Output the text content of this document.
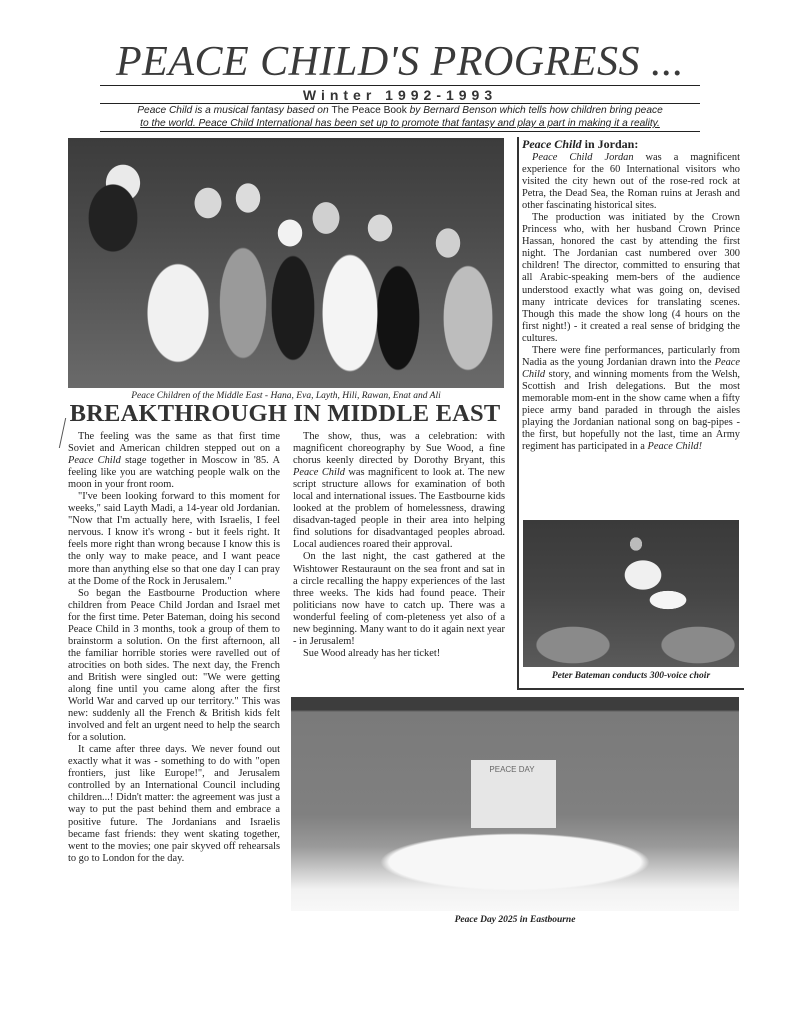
PEACE CHILD'S PROGRESS ...
Winter 1992-1993
Peace Child is a musical fantasy based on The Peace Book by Bernard Benson which tells how children bring peace
to the world. Peace Child International has been set up to promote that fantasy and play a part in making it a reality.
Peace Children of the Middle East - Hana, Eva, Layth, Hili, Rawan, Enat and Ali
BREAKTHROUGH IN MIDDLE EAST

The feeling was the same as that first time Soviet and American children stepped out on a Peace Child stage together in Moscow in '85. A feeling like you are watching people walk on the moon in your front room.

"I've been looking forward to this moment for weeks," said Layth Madi, a 14-year old Jordanian. "Now that I'm actually here, with Israelis, I feel nervous. I know it's wrong - but it feels right. It feels more right than wrong because I know this is the only way to make peace, and I want peace more than anything else so that one day I can pray at the Dome of the Rock in Jerusalem."

So began the Eastbourne Production where children from Peace Child Jordan and Israel met for the first time. Peter Bateman, doing his second Peace Child in 3 months, took a group of them to brainstorm a solution. On the first afternoon, all the familiar horrible stories were ravelled out of atrocities on both sides. The next day, the French and British were singled out: "We were getting along fine until you came along after the first World War and carved up our territory." This was new: suddenly all the French & British kids felt involved and felt an urgent need to help the search for a solution.

It came after three days. We never found out exactly what it was - something to do with "open frontiers, just like Europe!", and Jerusalem controlled by an International Council including children...! Didn't matter: the agreement was just a way to put the past behind them and embrace a positive future. The Jordanians and Israelis became fast friends: they went skating together, went to the movies; one pair skyved off rehearsals to go to London for the day.

The show, thus, was a celebration: with magnificent choreography by Sue Wood, a fine chorus keenly directed by Dorothy Bryant, this Peace Child was magnificent to look at. The new script structure allows for examination of both local and international issues. The Eastbourne kids looked at the problem of homelessness, drawing disadvan-taged people in their area into helping find solutions for disadvantaged peoples abroad. Local audiences roared their approval.

On the last night, the cast gathered at the Wishtower Restauraunt on the sea front and sat in a circle recalling the happy experiences of the last three weeks. The kids had found peace. Their politicians now have to catch up. There was a wonderful feeling of com-pleteness yet also of a new beginning. Many want to do it again next year - in Jerusalem!

Sue Wood already has her ticket!

Peace Child in Jordan:

Peace Child Jordan was a magnificent experience for the 60 International visitors who visited the city hewn out of the rose-red rock at Petra, the Dead Sea, the Roman ruins at Jerash and other fascinating historical sites.

The production was initiated by the Crown Princess who, with her husband Crown Prince Hassan, honored the cast by attending the first night. The Jordanian cast numbered over 300 children! The director, committed to ensuring that all Arabic-speaking mem-bers of the audience understood exactly what was going on, devised many intricate devices for translating scenes. Though this made the show long (4 hours on the first night!) - it created a real sense of bridging the cultures.

There were fine performances, particularly from Nadia as the young Jordanian drawn into the Peace Child story, and winning moments from the Welsh, Scottish and Irish delegations. But the most memorable mom-ent in the show came when a fifty piece army band paraded in through the aisles playing the Jordanian national song on bag-pipes - the first, but hopefully not the last, time an Army regiment has participated in a Peace Child!

Peter Bateman conducts 300-voice choir
PEACE DAY
Peace Day 2025 in Eastbourne
